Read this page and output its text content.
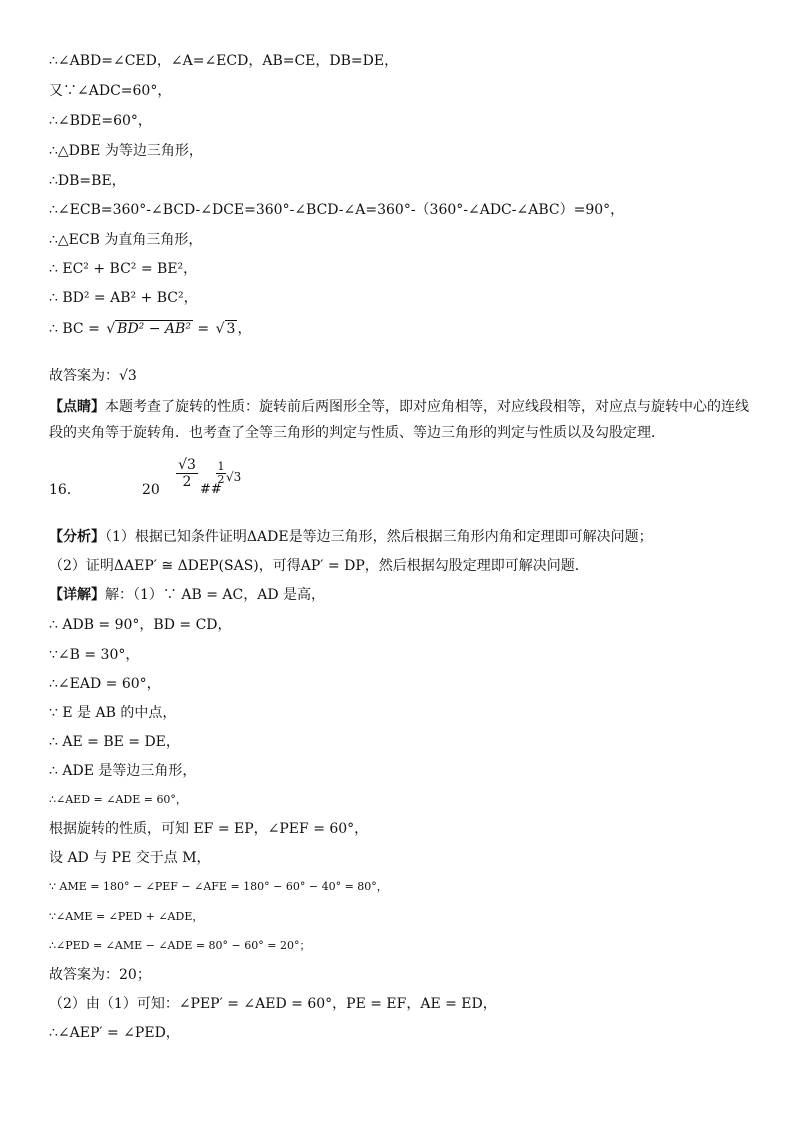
∴∠ABD=∠CED，∠A=∠ECD，AB=CE，DB=DE，
又∵∠ADC=60°，
∴∠BDE=60°，
∴△DBE 为等边三角形，
∴DB=BE，
∴∠ECB=360°-∠BCD-∠DCE=360°-∠BCD-∠A=360°-（360°-∠ADC-∠ABC）=90°，
∴△ECB 为直角三角形，
∴ EC² + BC² = BE²，
∴ BD² = AB² + BC²，
∴ BC = √ BD² − AB² = √ 3 ，
故答案为：√3
【点睛】本题考查了旋转的性质：旋转前后两图形全等，即对应角相等，对应线段相等，对应点与旋转中心的连线段的夹角等于旋转角．也考查了全等三角形的判定与性质、等边三角形的判定与性质以及勾股定理．
16．	20
√3
2 ##
1
2 √3
【分析】（1）根据已知条件证明ΔADE是等边三角形，然后根据三角形内角和定理即可解决问题；
（2）证明ΔAEP′ ≅ ΔDEP(SAS)，可得AP′ = DP，然后根据勾股定理即可解决问题．
【详解】解：（1）∵ AB = AC，AD 是高，
∴ ADB = 90°，BD = CD，
∵∠B = 30°，
∴∠EAD = 60°，
∵ E 是 AB 的中点，
∴ AE = BE = DE，
∴ ADE 是等边三角形，
∴∠AED = ∠ADE = 60°，
根据旋转的性质，可知 EF = EP，∠PEF = 60°，
设 AD 与 PE 交于点 M，
∵ AME = 180° − ∠PEF − ∠AFE = 180° − 60° − 40° = 80°，
∵∠AME = ∠PED + ∠ADE，
∴∠PED = ∠AME − ∠ADE = 80° − 60° = 20°；
故答案为：20；
（2）由（1）可知：∠PEP′ = ∠AED = 60°，PE = EF，AE = ED，
∴∠AEP′ = ∠PED，
